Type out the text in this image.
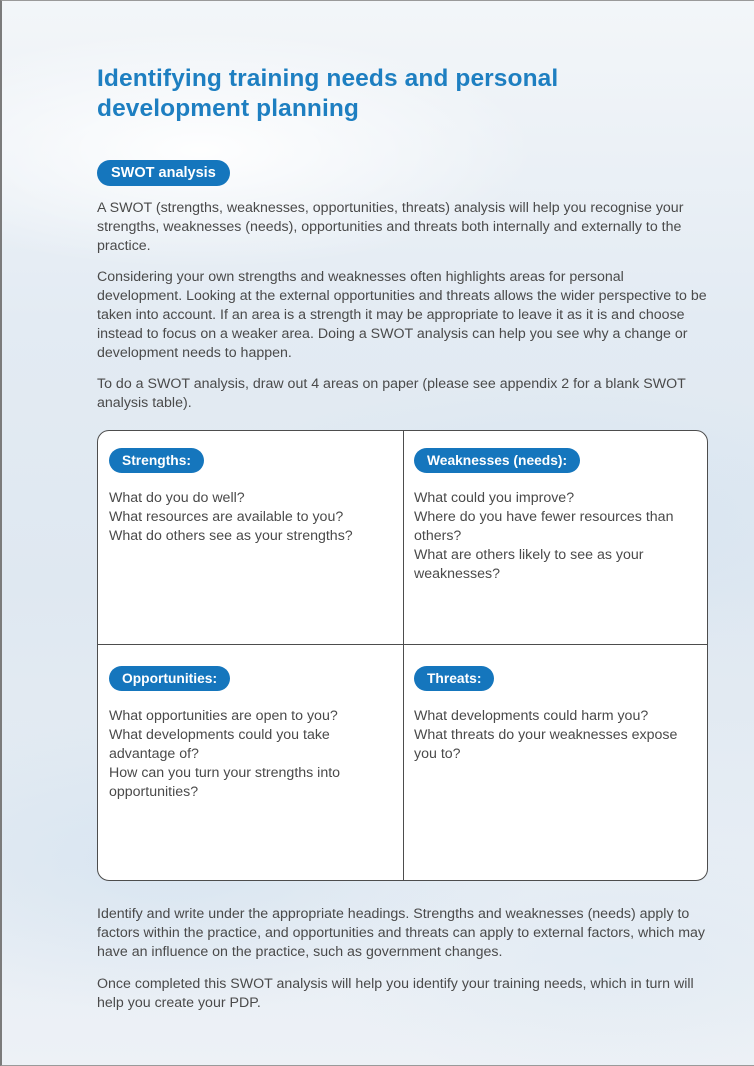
Identifying training needs and personal development planning
SWOT analysis

A SWOT (strengths, weaknesses, opportunities, threats) analysis will help you recognise your strengths, weaknesses (needs), opportunities and threats both internally and externally to the practice.

Considering your own strengths and weaknesses often highlights areas for personal development. Looking at the external opportunities and threats allows the wider perspective to be taken into account. If an area is a strength it may be appropriate to leave it as it is and choose instead to focus on a weaker area. Doing a SWOT analysis can help you see why a change or development needs to happen.

To do a SWOT analysis, draw out 4 areas on paper (please see appendix 2 for a blank SWOT analysis table).

Strengths:
What do you do well?
What resources are available to you?
What do others see as your strengths?
Weaknesses (needs):
What could you improve?
Where do you have fewer resources than others?
What are others likely to see as your weaknesses?
Opportunities:
What opportunities are open to you?
What developments could you take advantage of?
How can you turn your strengths into opportunities?
Threats:
What developments could harm you?
What threats do your weaknesses expose you to?

Identify and write under the appropriate headings. Strengths and weaknesses (needs) apply to factors within the practice, and opportunities and threats can apply to external factors, which may have an influence on the practice, such as government changes.

Once completed this SWOT analysis will help you identify your training needs, which in turn will help you create your PDP.
